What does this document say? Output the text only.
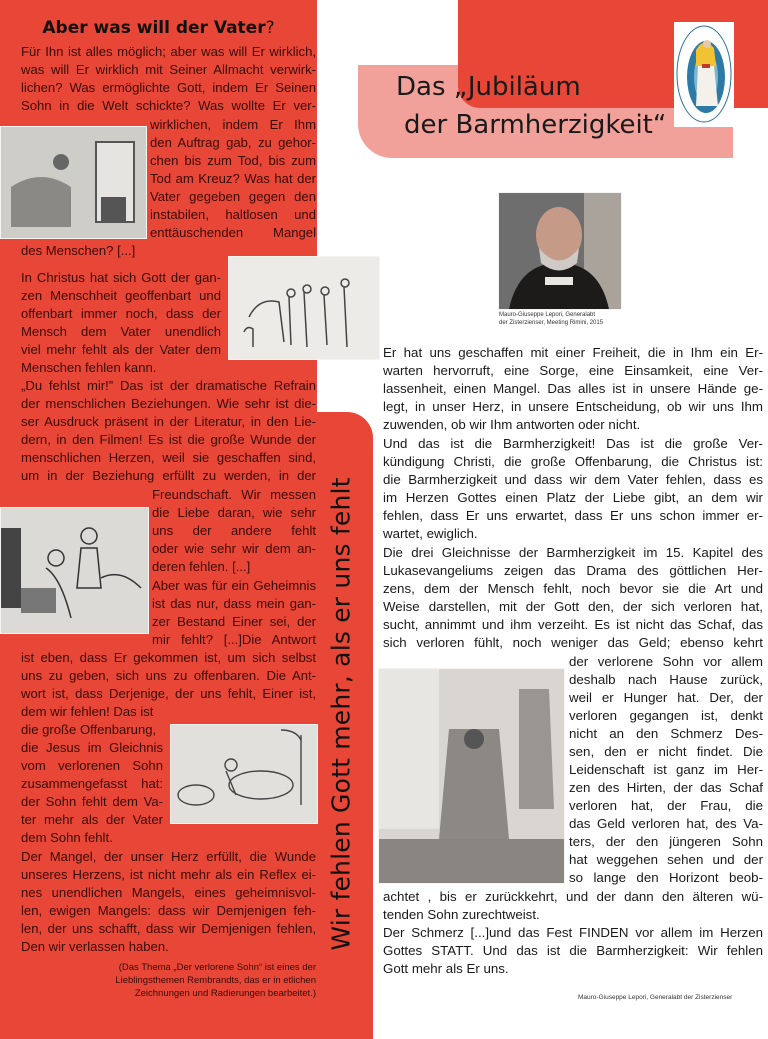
Das „Jubiläum
der Barmherzigkeit“
Aber was will der Vater?
Für Ihn ist alles möglich; aber was will Er wirklich,
was will Er wirklich mit Seiner Allmacht verwirk-
lichen? Was ermöglichte Gott, indem Er Seinen
Sohn in die Welt schickte? Was wollte Er ver-
wirklichen, indem Er Ihm
den Auftrag gab, zu gehor-
chen bis zum Tod, bis zum
Tod am Kreuz? Was hat der
Vater gegeben gegen den
instabilen, haltlosen und
enttäuschenden Mangel
des Menschen? [...]
In Christus hat sich Gott der gan-
zen Menschheit geoffenbart und
offenbart immer noch, dass der
Mensch dem Vater unendlich
viel mehr fehlt als der Vater dem
Menschen fehlen kann.
„Du fehlst mir!” Das ist der dramatische Refrain
der menschlichen Beziehungen. Wie sehr ist die-
ser Ausdruck präsent in der Literatur, in den Lie-
dern, in den Filmen! Es ist die große Wunde der
menschlichen Herzen, weil sie geschaffen sind,
um in der Beziehung erfüllt zu werden, in der
Freundschaft. Wir messen
die Liebe daran, wie sehr
uns der andere fehlt
oder wie sehr wir dem an-
deren fehlen. [...]
Aber was für ein Geheimnis
ist das nur, dass mein gan-
zer Bestand Einer sei, der
mir fehlt? [...]Die Antwort
ist eben, dass Er gekommen ist, um sich selbst
uns zu geben, sich uns zu offenbaren. Die Ant-
wort ist, dass Derjenige, der uns fehlt, Einer ist,
dem wir fehlen! Das ist
die große Offenbarung,
die Jesus im Gleichnis
vom verlorenen Sohn
zusammengefasst hat:
der Sohn fehlt dem Va-
ter mehr als der Vater
dem Sohn fehlt.
Der Mangel, der unser Herz erfüllt, die Wunde
unseres Herzens, ist nicht mehr als ein Reflex ei-
nes unendlichen Mangels, eines geheimnisvol-
len, ewigen Mangels: dass wir Demjenigen feh-
len, der uns schafft, dass wir Demjenigen fehlen,
Den wir verlassen haben.
(Das Thema „Der verlorene Sohn“ ist eines der
Lieblingsthemen Rembrandts, das er in etlichen
Zeichnungen und Radierungen bearbeitet.)
Wir fehlen Gott mehr, als er uns fehlt
Mauro-Giuseppe Lepori, Generalabt
der Zisterzienser, Meeting Rimini, 2015
Er hat uns geschaffen mit einer Freiheit, die in Ihm ein Er-
warten hervorruft, eine Sorge, eine Einsamkeit, eine Ver-
lassenheit, einen Mangel. Das alles ist in unsere Hände ge-
legt, in unser Herz, in unsere Entscheidung, ob wir uns Ihm
zuwenden, ob wir Ihm antworten oder nicht.
Und das ist die Barmherzigkeit! Das ist die große Ver-
kündigung Christi, die große Offenbarung, die Christus ist:
die Barmherzigkeit und dass wir dem Vater fehlen, dass es
im Herzen Gottes einen Platz der Liebe gibt, an dem wir
fehlen, dass Er uns erwartet, dass Er uns schon immer er-
wartet, ewiglich.
Die drei Gleichnisse der Barmherzigkeit im 15. Kapitel des
Lukasevangeliums zeigen das Drama des göttlichen Her-
zens, dem der Mensch fehlt, noch bevor sie die Art und
Weise darstellen, mit der Gott den, der sich verloren hat,
sucht, annimmt und ihm verzeiht. Es ist nicht das Schaf, das
sich verloren fühlt, noch weniger das Geld; ebenso kehrt
der verlorene Sohn vor allem
deshalb nach Hause zurück,
weil er Hunger hat. Der, der
verloren gegangen ist, denkt
nicht an den Schmerz Des-
sen, den er nicht findet. Die
Leidenschaft ist ganz im Her-
zen des Hirten, der das Schaf
verloren hat, der Frau, die
das Geld verloren hat, des Va-
ters, der den jüngeren Sohn
hat weggehen sehen und der
so lange den Horizont beob-
achtet , bis er zurückkehrt, und der dann den älteren wü-
tenden Sohn zurechtweist.
Der Schmerz [...]und das Fest FINDEN vor allem im Herzen
Gottes STATT. Und das ist die Barmherzigkeit: Wir fehlen
Gott mehr als Er uns.
Mauro-Giuseppe Lepori, Generalabt der Zisterzienser
